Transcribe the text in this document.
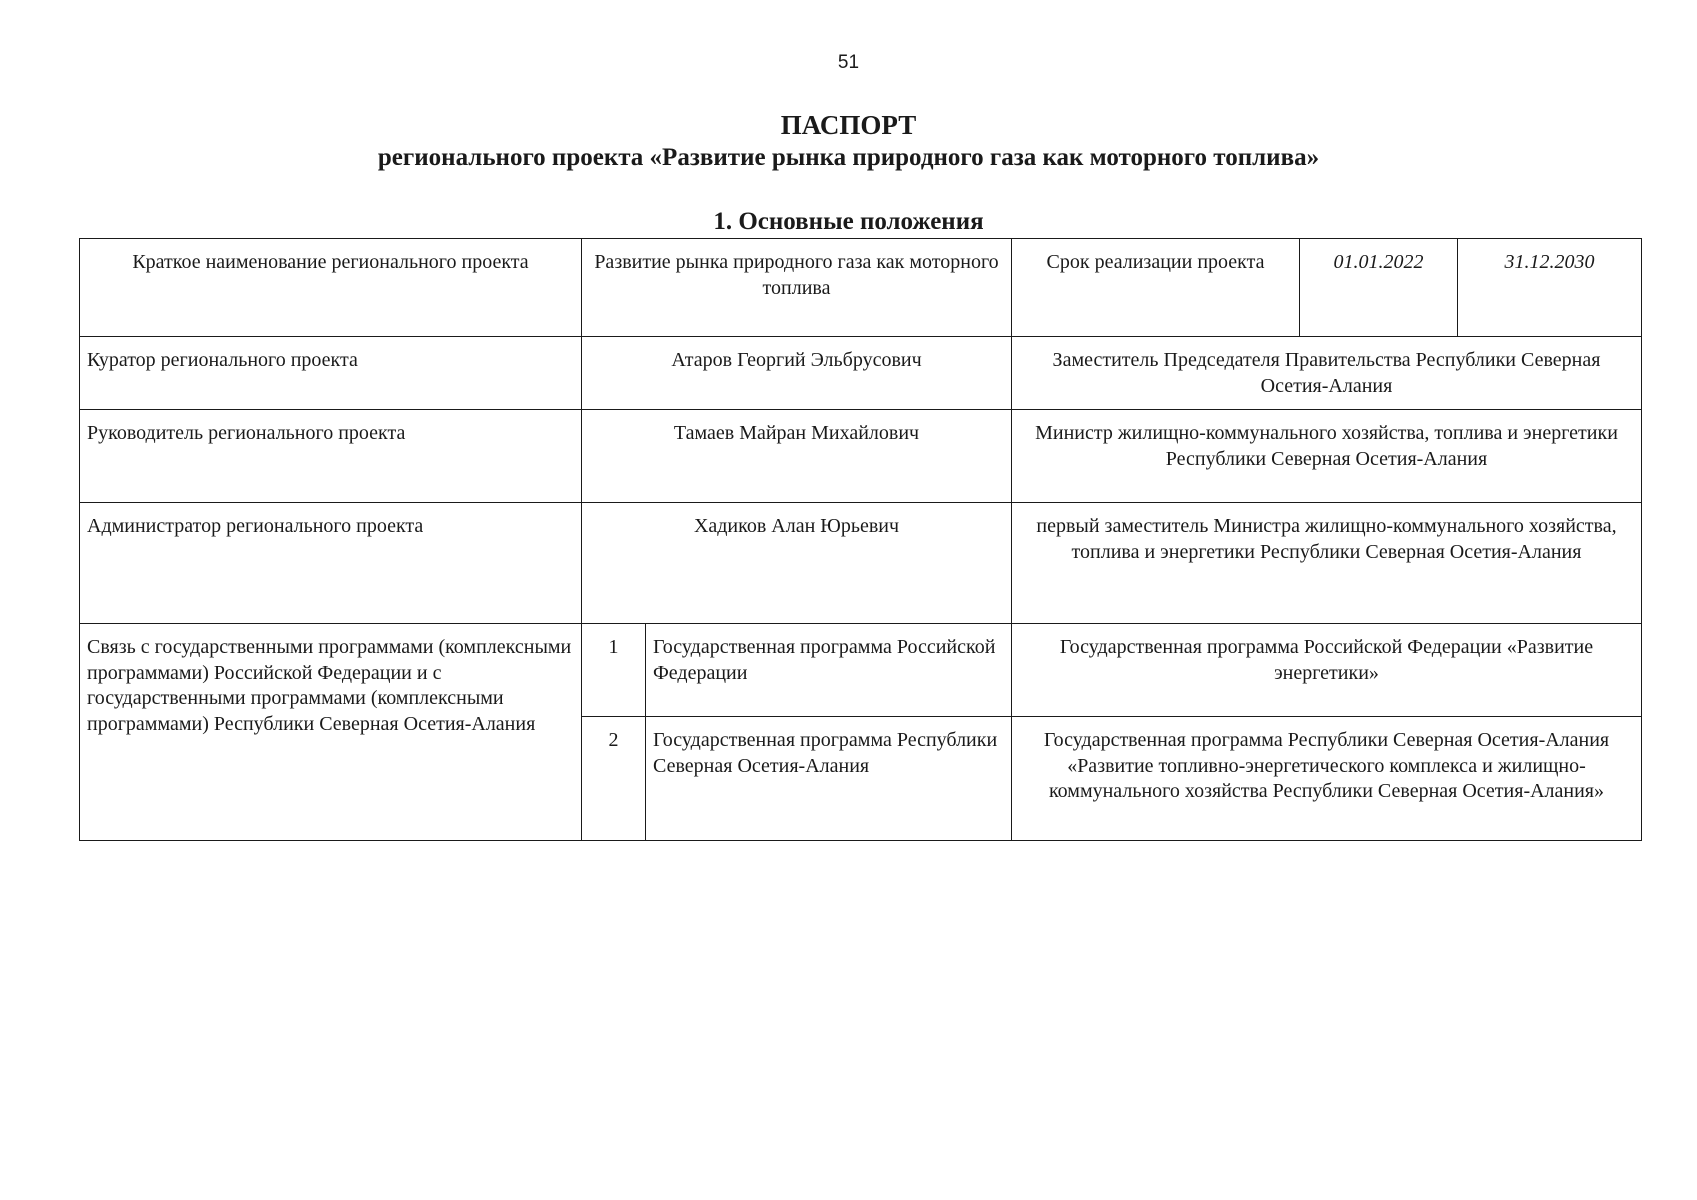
51
ПАСПОРТ
регионального проекта «Развитие рынка природного газа как моторного топлива»
1. Основные положения
Краткое наименование регионального проекта	Развитие рынка природного газа как моторного топлива		Срок реализации проекта	01.01.2022	31.12.2030
Куратор регионального проекта	Атаров Георгий Эльбрусович		Заместитель Председателя Правительства Республики Северная Осетия-Алания		
Руководитель регионального проекта	Тамаев Майран Михайлович		Министр жилищно-коммунального хозяйства, топлива и энергетики Республики Северная Осетия-Алания		
Администратор регионального проекта	Хадиков Алан Юрьевич		первый заместитель Министра жилищно-коммунального хозяйства, топлива и энергетики Республики Северная Осетия-Алания		
Связь с государственными программами (комплексными программами) Российской Федерации и с государственными программами (комплексными программами) Республики Северная Осетия-Алания	1	Государственная программа Российской Федерации	Государственная программа Российской Федерации «Развитие энергетики»		
	2	Государственная программа Республики Северная Осетия-Алания	Государственная программа Республики Северная Осетия-Алания «Развитие топливно-энергетического комплекса и жилищно-коммунального хозяйства Республики Северная Осетия-Алания»		
